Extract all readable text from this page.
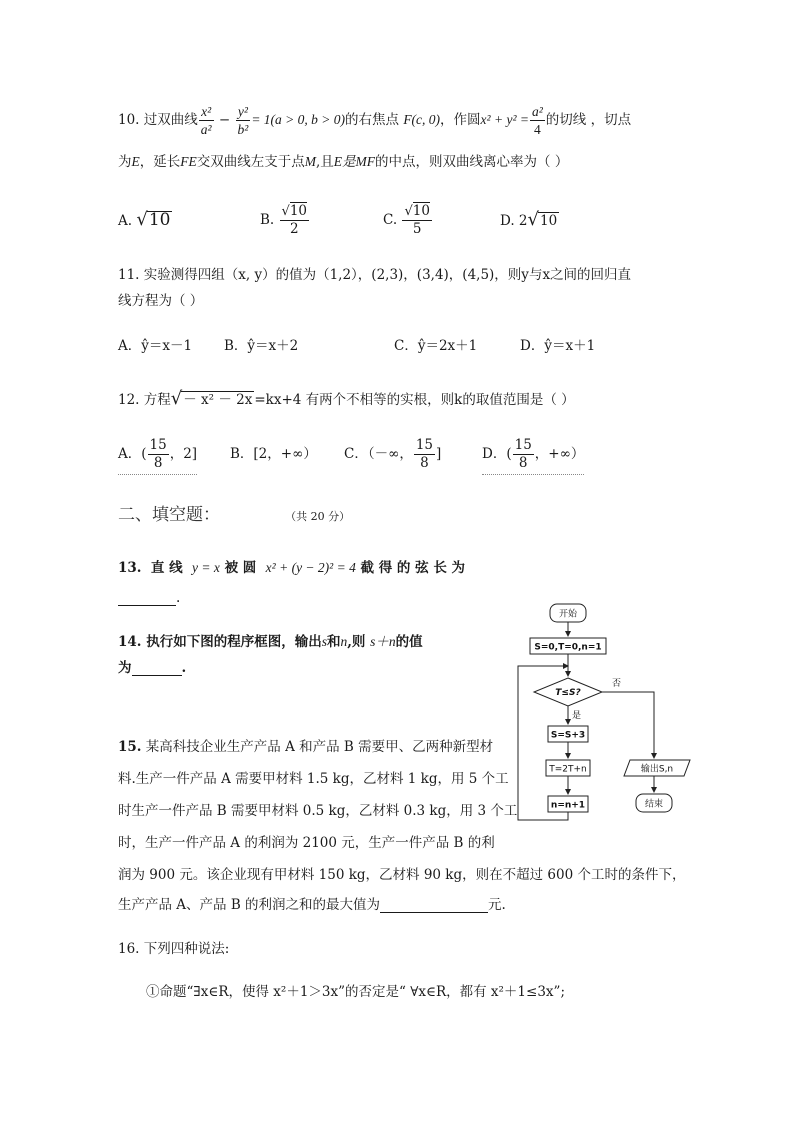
10. 过双曲线 $\frac{\text{x²}}{\text{a²}} - \frac{\text{y²}}{\text{b²}} = 1(a > 0$, b > 0)的右焦点 F(c, 0)，作圆$x^2 + y^2 = \frac{\text{a²}}{4}$ 的切线 ，切点
为E，延长FE交双曲线左支于点M,且E是MF的中点，则双曲线离心率为（ ）
A. √10	B. $\frac{√10}{2}$	C. $\frac{√10}{5}$	D. 2√10
11. 实验测得四组（x, y）的值为（1,2），(2,3)，(3,4)，(4,5)，则y与x之间的回归直
线方程为（ ）
A．ŷ＝x－1 B．ŷ＝x＋2	C．ŷ＝2x＋1	D．ŷ＝x＋1
12. 方程√－ x² － 2x =kx+4 有两个不相等的实根，则k的取值范围是（ ）
A．( $\frac{15}{8}$ ，2] B．[2，+∞） C．（－∞， $\frac{15}{8}$ ]	D．( $\frac{15}{8}$ ，+∞）
二、填空题：	（共 20 分）
13. 直 线 y = x 被 圆 x² + (y − 2)² = 4 截 得 的 弦 长 为
.
14. 执行如下图的程序框图，输出s和n,则 s＋n的值
为	.
15. 某高科技企业生产产品 A 和产品 B 需要甲、乙两种新型材
料.生产一件产品 A 需要甲材料 1.5 kg，乙材料 1 kg，用 5 个工
时生产一件产品 B 需要甲材料 0.5 kg，乙材料 0.3 kg，用 3 个工
时，生产一件产品 A 的利润为 2100 元，生产一件产品 B 的利
润为 900 元。该企业现有甲材料 150 kg，乙材料 90 kg，则在不超过 600 个工时的条件下，
生产产品 A、产品 B 的利润之和的最大值为	元.
16. 下列四种说法:
①命题“∃x∈R，使得 x²＋1＞3x”的否定是“ ∀x∈R，都有 x²＋1≤3x”;
开始
S=0,T=0,n=1
T≤S?
是
否
S=S+3
T=2T+n
n=n+1
输出S,n
结束
